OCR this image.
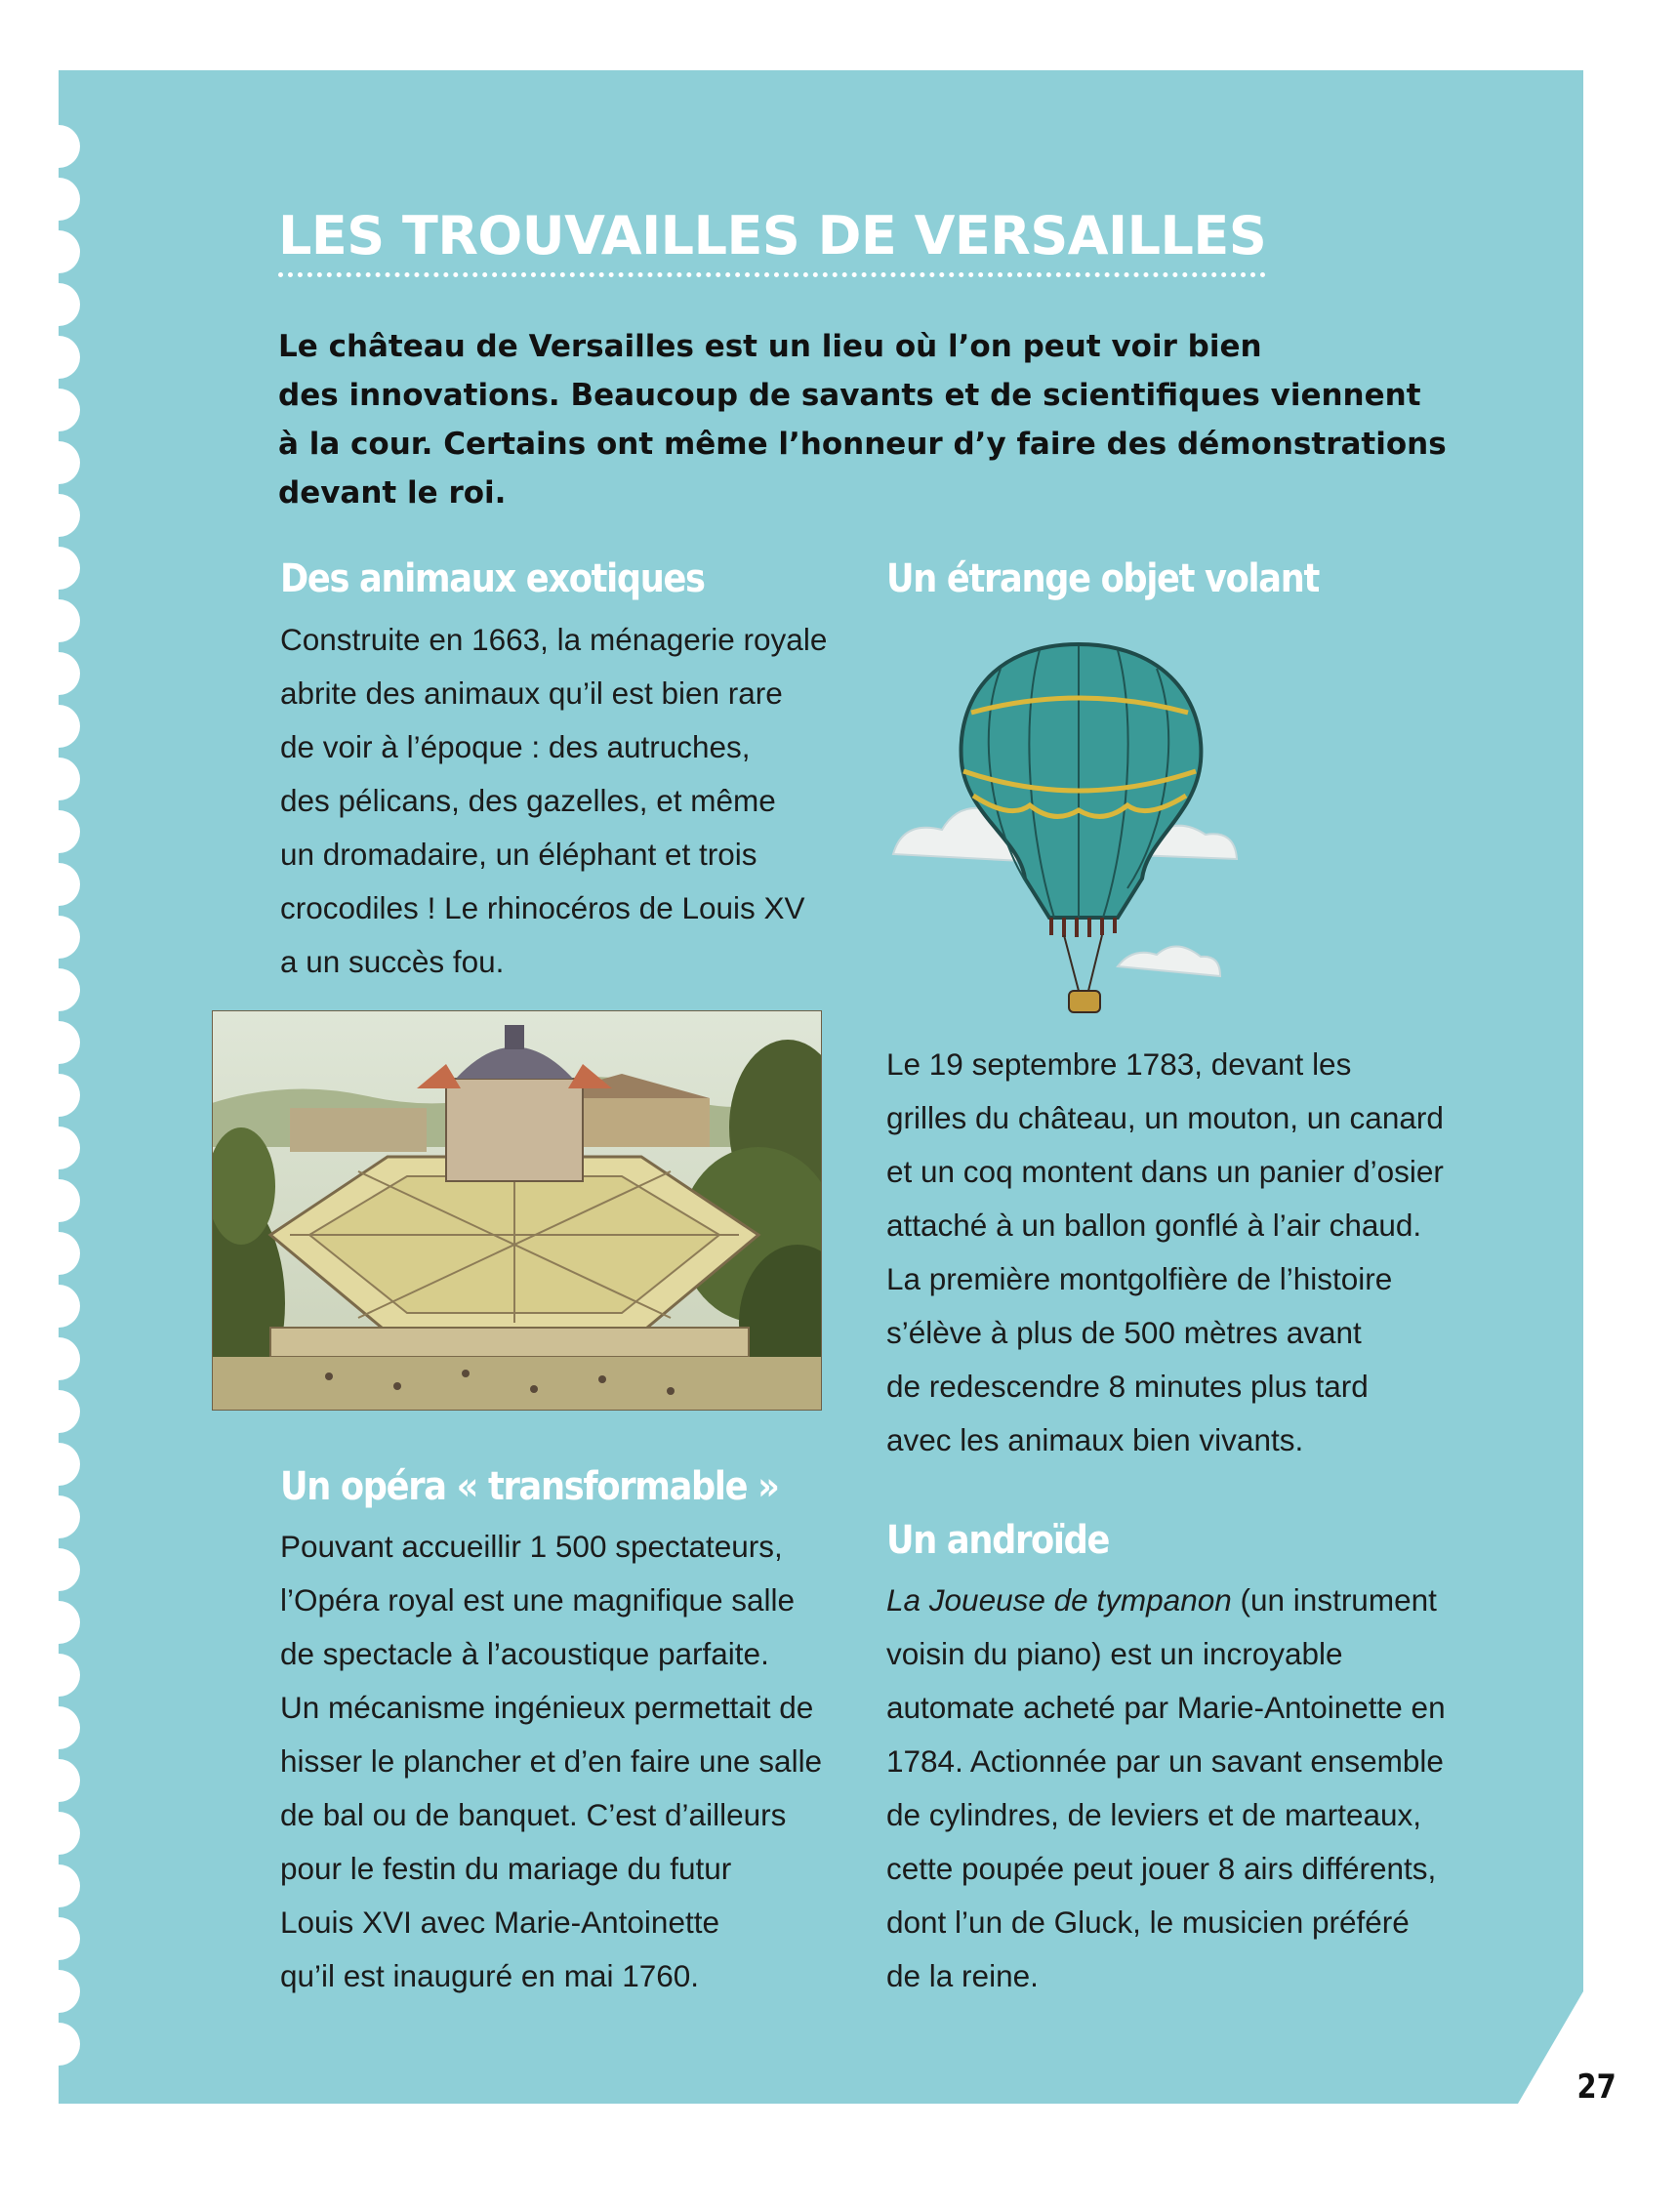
LES TROUVAILLES DE VERSAILLES
Le château de Versailles est un lieu où l’on peut voir bien
des innovations. Beaucoup de savants et de scientifiques viennent
à la cour. Certains ont même l’honneur d’y faire des démonstrations
devant le roi.
Des animaux exotiques
Construite en 1663, la ménagerie royale
abrite des animaux qu’il est bien rare
de voir à l’époque : des autruches,
des pélicans, des gazelles, et même
un dromadaire, un éléphant et trois
crocodiles ! Le rhinocéros de Louis XV
a un succès fou.
Un opéra « transformable »
Pouvant accueillir 1 500 spectateurs,
l’Opéra royal est une magnifique salle
de spectacle à l’acoustique parfaite.
Un mécanisme ingénieux permettait de
hisser le plancher et d’en faire une salle
de bal ou de banquet. C’est d’ailleurs
pour le festin du mariage du futur
Louis XVI avec Marie-Antoinette
qu’il est inauguré en mai 1760.
Un étrange objet volant
Le 19 septembre 1783, devant les
grilles du château, un mouton, un canard
et un coq montent dans un panier d’osier
attaché à un ballon gonflé à l’air chaud.
La première montgolfière de l’histoire
s’élève à plus de 500 mètres avant
de redescendre 8 minutes plus tard
avec les animaux bien vivants.
Un androïde
La Joueuse de tympanon (un instrument
voisin du piano) est un incroyable
automate acheté par Marie-Antoinette en
1784. Actionnée par un savant ensemble
de cylindres, de leviers et de marteaux,
cette poupée peut jouer 8 airs différents,
dont l’un de Gluck, le musicien préféré
de la reine.
27
